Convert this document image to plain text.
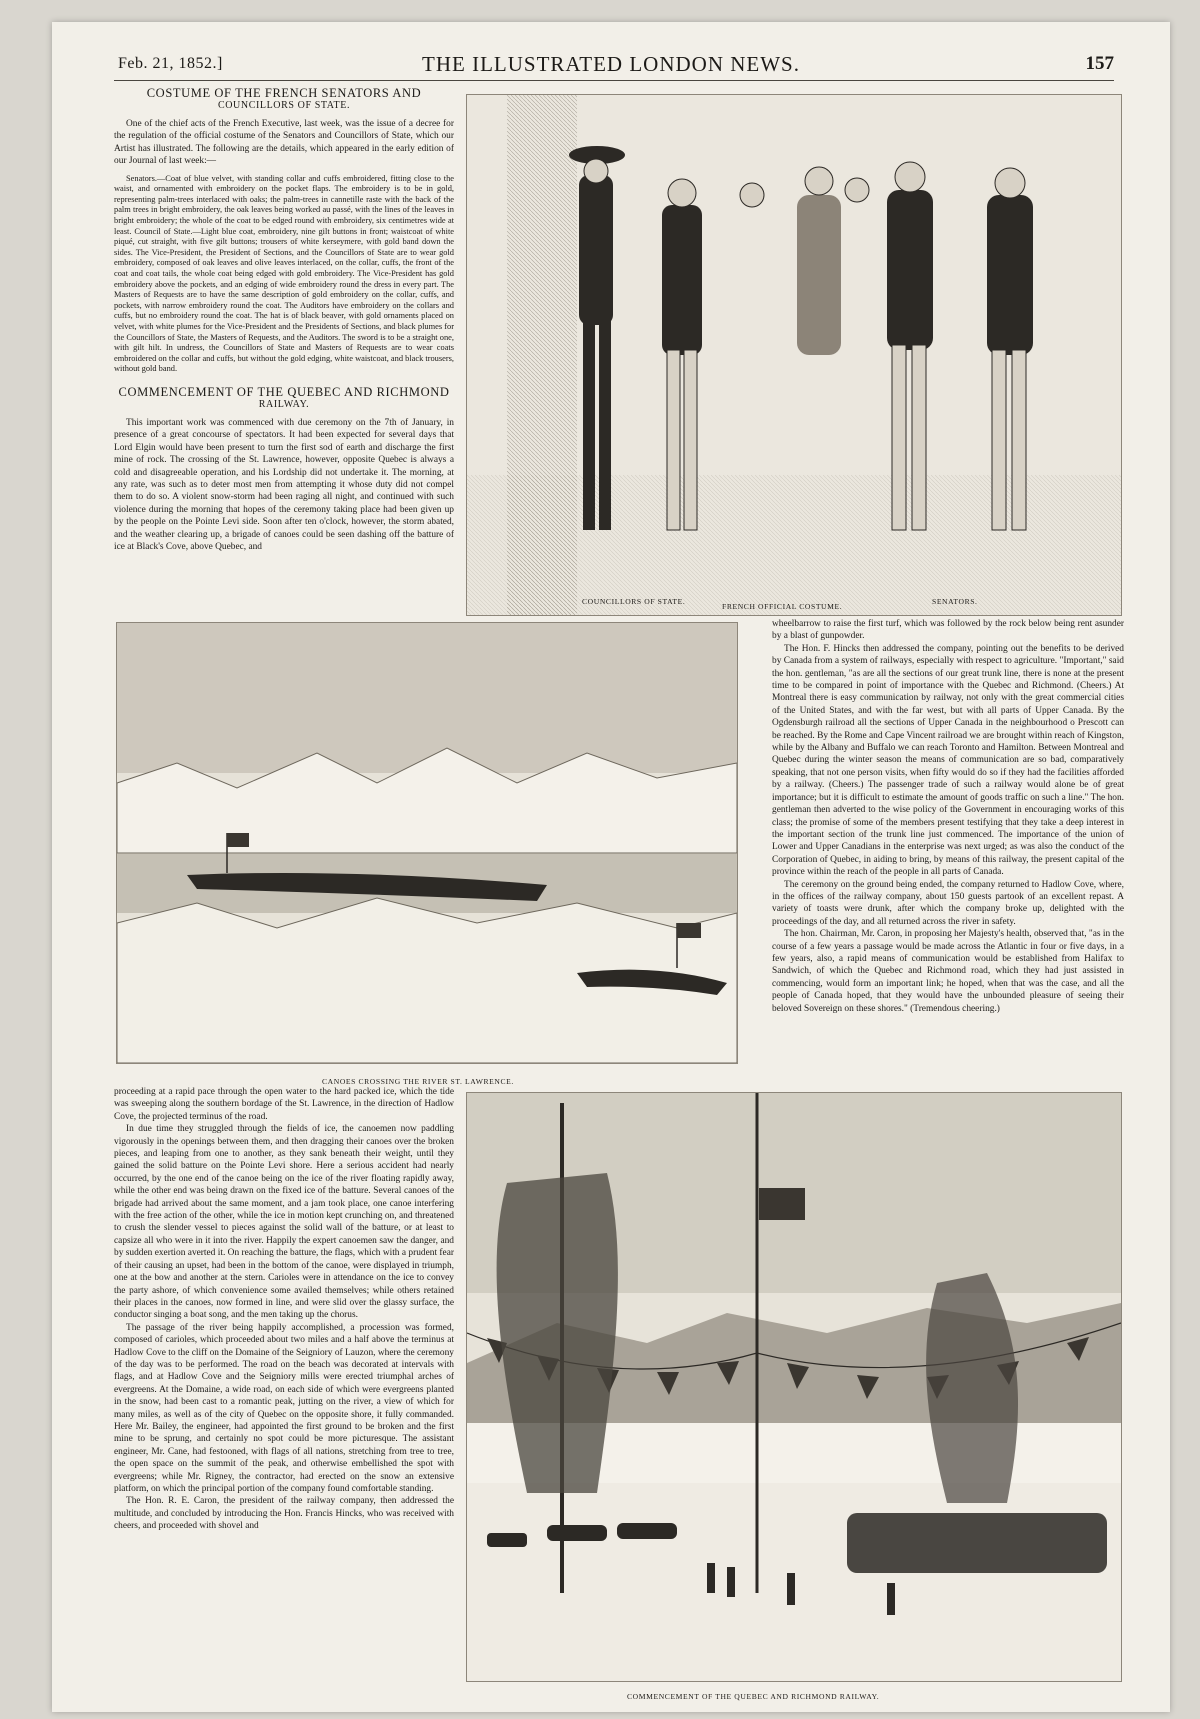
Feb. 21, 1852.]	THE ILLUSTRATED LONDON NEWS.	157
COSTUME OF THE FRENCH SENATORS AND
COUNCILLORS OF STATE.

One of the chief acts of the French Executive, last week, was the issue of a decree for the regulation of the official costume of the Senators and Councillors of State, which our Artist has illustrated. The following are the details, which appeared in the early edition of our Journal of last week:—

Senators.—Coat of blue velvet, with standing collar and cuffs embroidered, fitting close to the waist, and ornamented with embroidery on the pocket flaps. The embroidery is to be in gold, representing palm-trees interlaced with oaks; the palm-trees in cannetille raste with the back of the palm trees in bright embroidery, the oak leaves being worked au passé, with the lines of the leaves in bright embroidery; the whole of the coat to be edged round with embroidery, six centimetres wide at least. Council of State.—Light blue coat, embroidery, nine gilt buttons in front; waistcoat of white piqué, cut straight, with five gilt buttons; trousers of white kerseymere, with gold band down the sides. The Vice-President, the President of Sections, and the Councillors of State are to wear gold embroidery, composed of oak leaves and olive leaves interlaced, on the collar, cuffs, the front of the coat and coat tails, the whole coat being edged with gold embroidery. The Vice-President has gold embroidery above the pockets, and an edging of wide embroidery round the dress in every part. The Masters of Requests are to have the same description of gold embroidery on the collar, cuffs, and pockets, with narrow embroidery round the coat. The Auditors have embroidery on the collars and cuffs, but no embroidery round the coat. The hat is of black beaver, with gold ornaments placed on velvet, with white plumes for the Vice-President and the Presidents of Sections, and black plumes for the Councillors of State, the Masters of Requests, and the Auditors. The sword is to be a straight one, with gilt hilt. In undress, the Councillors of State and Masters of Requests are to wear coats embroidered on the collar and cuffs, but without the gold edging, white waistcoat, and black trousers, without gold band.

COMMENCEMENT OF THE QUEBEC AND RICHMOND
RAILWAY.

This important work was commenced with due ceremony on the 7th of January, in presence of a great concourse of spectators. It had been expected for several days that Lord Elgin would have been present to turn the first sod of earth and discharge the first mine of rock. The crossing of the St. Lawrence, however, opposite Quebec is always a cold and disagreeable operation, and his Lordship did not undertake it. The morning, at any rate, was such as to deter most men from attempting it whose duty did not compel them to do so. A violent snow-storm had been raging all night, and continued with such violence during the morning that hopes of the ceremony taking place had been given up by the people on the Pointe Levi side. Soon after ten o'clock, however, the storm abated, and the weather clearing up, a brigade of canoes could be seen dashing off the batture of ice at Black's Cove, above Quebec, and

COUNCILLORS OF STATE.
FRENCH OFFICIAL COSTUME.
SENATORS.
CANOES CROSSING THE RIVER ST. LAWRENCE.

wheelbarrow to raise the first turf, which was followed by the rock below being rent asunder by a blast of gunpowder.

The Hon. F. Hincks then addressed the company, pointing out the benefits to be derived by Canada from a system of railways, especially with respect to agriculture. "Important," said the hon. gentleman, "as are all the sections of our great trunk line, there is none at the present time to be compared in point of importance with the Quebec and Richmond. (Cheers.) At Montreal there is easy communication by railway, not only with the great commercial cities of the United States, and with the far west, but with all parts of Upper Canada. By the Ogdensburgh railroad all the sections of Upper Canada in the neighbourhood o Prescott can be reached. By the Rome and Cape Vincent railroad we are brought within reach of Kingston, while by the Albany and Buffalo we can reach Toronto and Hamilton. Between Montreal and Quebec during the winter season the means of communication are so bad, comparatively speaking, that not one person visits, when fifty would do so if they had the facilities afforded by a railway. (Cheers.) The passenger trade of such a railway would alone be of great importance; but it is difficult to estimate the amount of goods traffic on such a line." The hon. gentleman then adverted to the wise policy of the Government in encouraging works of this class; the promise of some of the members present testifying that they take a deep interest in the important section of the trunk line just commenced. The importance of the union of Lower and Upper Canadians in the enterprise was next urged; as was also the conduct of the Corporation of Quebec, in aiding to bring, by means of this railway, the present capital of the province within the reach of the people in all parts of Canada.

The ceremony on the ground being ended, the company returned to Hadlow Cove, where, in the offices of the railway company, about 150 guests partook of an excellent repast. A variety of toasts were drunk, after which the company broke up, delighted with the proceedings of the day, and all returned across the river in safety.

The hon. Chairman, Mr. Caron, in proposing her Majesty's health, observed that, "as in the course of a few years a passage would be made across the Atlantic in four or five days, in a few years, also, a rapid means of communication would be established from Halifax to Sandwich, of which the Quebec and Richmond road, which they had just assisted in commencing, would form an important link; he hoped, when that was the case, and all the people of Canada hoped, that they would have the unbounded pleasure of seeing their beloved Sovereign on these shores." (Tremendous cheering.)

proceeding at a rapid pace through the open water to the hard packed ice, which the tide was sweeping along the southern bordage of the St. Lawrence, in the direction of Hadlow Cove, the projected terminus of the road.

In due time they struggled through the fields of ice, the canoemen now paddling vigorously in the openings between them, and then dragging their canoes over the broken pieces, and leaping from one to another, as they sank beneath their weight, until they gained the solid batture on the Pointe Levi shore. Here a serious accident had nearly occurred, by the one end of the canoe being on the ice of the river floating rapidly away, while the other end was being drawn on the fixed ice of the batture. Several canoes of the brigade had arrived about the same moment, and a jam took place, one canoe interfering with the free action of the other, while the ice in motion kept crunching on, and threatened to crush the slender vessel to pieces against the solid wall of the batture, or at least to capsize all who were in it into the river. Happily the expert canoemen saw the danger, and by sudden exertion averted it. On reaching the batture, the flags, which with a prudent fear of their causing an upset, had been in the bottom of the canoe, were displayed in triumph, one at the bow and another at the stern. Carioles were in attendance on the ice to convey the party ashore, of which convenience some availed themselves; while others retained their places in the canoes, now formed in line, and were slid over the glassy surface, the conductor singing a boat song, and the men taking up the chorus.

The passage of the river being happily accomplished, a procession was formed, composed of carioles, which proceeded about two miles and a half above the terminus at Hadlow Cove to the cliff on the Domaine of the Seigniory of Lauzon, where the ceremony of the day was to be performed. The road on the beach was decorated at intervals with flags, and at Hadlow Cove and the Seigniory mills were erected triumphal arches of evergreens. At the Domaine, a wide road, on each side of which were evergreens planted in the snow, had been cast to a romantic peak, jutting on the river, a view of which for many miles, as well as of the city of Quebec on the opposite shore, it fully commanded. Here Mr. Bailey, the engineer, had appointed the first ground to be broken and the first mine to be sprung, and certainly no spot could be more picturesque. The assistant engineer, Mr. Cane, had festooned, with flags of all nations, stretching from tree to tree, the open space on the summit of the peak, and otherwise embellished the spot with evergreens; while Mr. Rigney, the contractor, had erected on the snow an extensive platform, on which the principal portion of the company found comfortable standing.

The Hon. R. E. Caron, the president of the railway company, then addressed the multitude, and concluded by introducing the Hon. Francis Hincks, who was received with cheers, and proceeded with shovel and

COMMENCEMENT OF THE QUEBEC AND RICHMOND RAILWAY.
